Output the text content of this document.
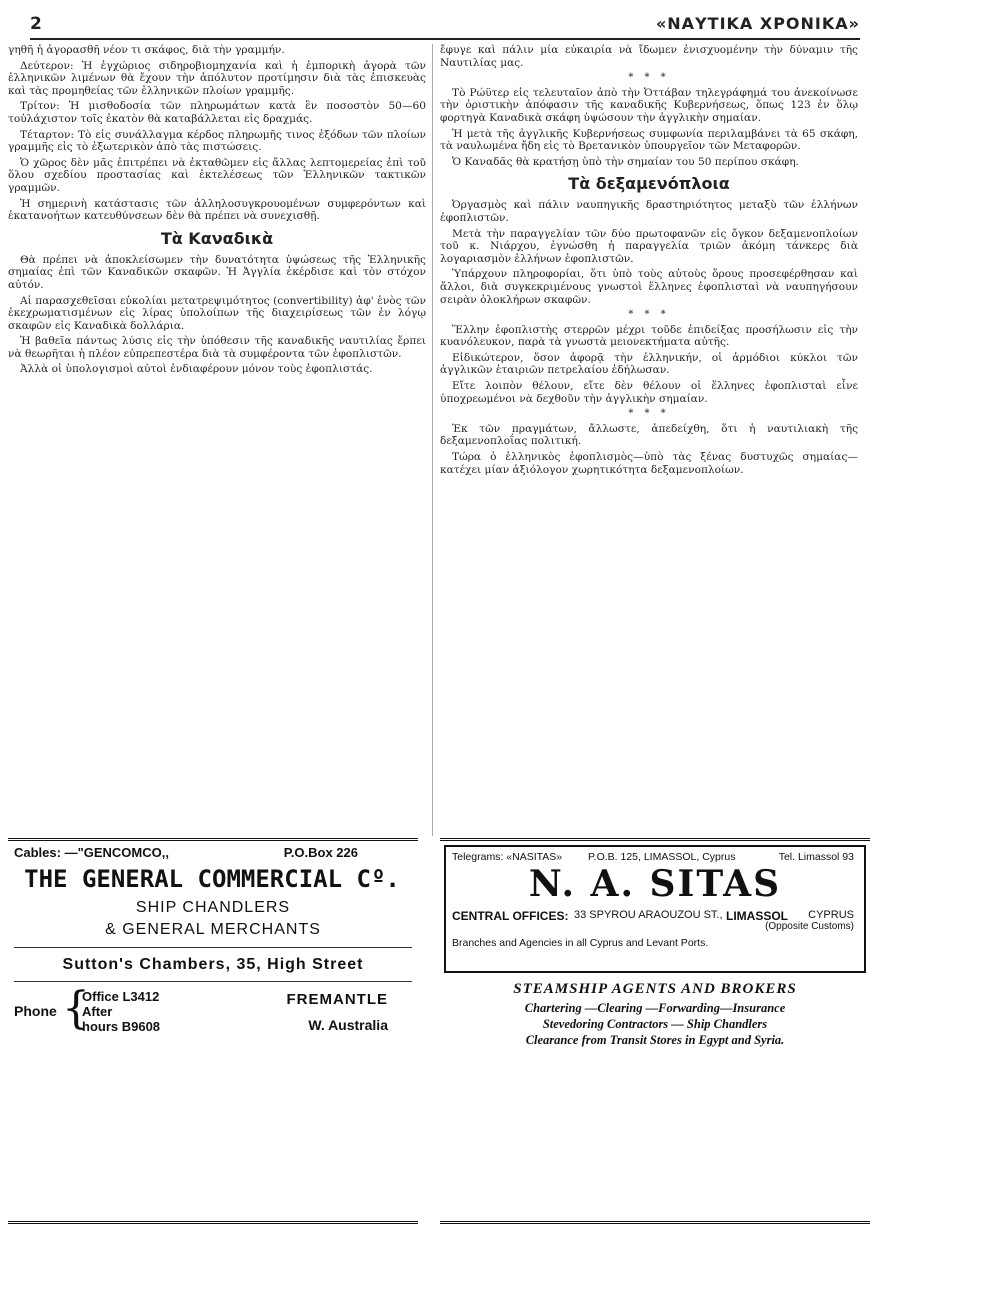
2	«ΝΑΥΤΙΚΑ ΧΡΟΝΙΚΑ»

γηθῆ ἡ ἀγορασθῆ νέον τι σκάφος, διὰ τὴν γραμμήν.

Δεύτερον: Ἡ ἐγχώριος σιδηροβιομηχανία καὶ ἡ ἐμπορικὴ ἀγορὰ τῶν ἑλληνικῶν λιμένων θὰ ἔχουν τὴν ἀπόλυτον προτίμησιν διὰ τὰς ἐπισκευὰς καὶ τὰς προμηθείας τῶν ἑλληνικῶν πλοίων γραμμῆς.

Τρίτον: Ἡ μισθοδοσία τῶν πληρωμάτων κατὰ ἓν ποσοστὸν 50—60 τοὐλάχιστον τοῖς ἑκατὸν θὰ καταβάλλεται εἰς δραχμάς.

Τέταρτον: Τὸ εἰς συνάλλαγμα κέρδος πληρωμῆς τινος ἐξόδων τῶν πλοίων γραμμῆς εἰς τὸ ἐξωτερικὸν ἀπὸ τὰς πιστώσεις.

Ὁ χῶρος δὲν μᾶς ἐπιτρέπει νὰ ἐκταθῶμεν εἰς ἄλλας λεπτομερείας ἐπὶ τοῦ ὅλου σχεδίου προστασίας καὶ ἐκτελέσεως τῶν Ἑλληνικῶν τακτικῶν γραμμῶν.

Ἡ σημερινὴ κατάστασις τῶν ἀλληλοσυγκρουομένων συμφερόντων καὶ ἐκατανοήτων κατευθύνσεων δὲν θὰ πρέπει νὰ συνεχισθῇ.

Τὰ Καναδικὰ

Θὰ πρέπει νὰ ἀποκλείσωμεν τὴν δυνατότητα ὑψώσεως τῆς Ἑλληνικῆς σημαίας ἐπὶ τῶν Καναδικῶν σκαφῶν. Ἡ Ἀγγλία ἐκέρδισε καὶ τὸν στόχον αὐτόν.

Αἱ παρασχεθεῖσαι εὐκολίαι μετατρεψιμότητος (convertibility) ἀφ' ἑνὸς τῶν ἐκεχρωματισμένων εἰς λίρας ὑπολοίπων τῆς διαχειρίσεως τῶν ἐν λόγῳ σκαφῶν εἰς Καναδικὰ δολλάρια.

Ἡ βαθεῖα πάντως λύσις εἰς τὴν ὑπόθεσιν τῆς καναδικῆς ναυτιλίας ἔρπει νὰ θεωρῆται ἡ πλέον εὐπρεπεστέρα διὰ τὰ συμφέροντα τῶν ἐφοπλιστῶν.

Ἀλλὰ οἱ ὑπολογισμοὶ αὐτοὶ ἐνδιαφέρουν μόνον τοὺς ἐφοπλιστάς.

ἔφυγε καὶ πάλιν μία εὐκαιρία νὰ ἴδωμεν ἐνισχυομένην τὴν δύναμιν τῆς Ναυτιλίας μας.

* * *

Τὸ Ρώϋτερ εἰς τελευταῖον ἀπὸ τὴν Ὀττάβαν τηλεγράφημά του ἀνεκοίνωσε τὴν ὁριστικὴν ἀπόφασιν τῆς καναδικῆς Κυβερνήσεως, ὅπως 123 ἐν ὅλῳ φορτηγὰ Καναδικὰ σκάφη ὑψώσουν τὴν ἀγγλικὴν σημαίαν.

Ἡ μετὰ τῆς ἀγγλικῆς Κυβερνήσεως συμφωνία περιλαμβάνει τὰ 65 σκάφη, τὰ ναυλωμένα ἤδη εἰς τὸ Βρετανικὸν ὑπουργεῖον τῶν Μεταφορῶν.

Ὁ Καναδᾶς θὰ κρατήσῃ ὑπὸ τὴν σημαίαν του 50 περίπου σκάφη.

Τὰ δεξαμενόπλοια

Ὀργασμὸς καὶ πάλιν ναυπηγικῆς δραστηριότητος μεταξὺ τῶν ἑλλήνων ἐφοπλιστῶν.

Μετὰ τὴν παραγγελίαν τῶν δύο πρωτοφανῶν εἰς ὄγκον δεξαμενοπλοίων τοῦ κ. Νιάρχου, ἐγνώσθη ἡ παραγγελία τριῶν ἀκόμη τάνκερς διὰ λογαριασμὸν ἑλλήνων ἐφοπλιστῶν.

Ὑπάρχουν πληροφορίαι, ὅτι ὑπὸ τοὺς αὐτοὺς ὅρους προσεφέρθησαν καὶ ἄλλοι, διὰ συγκεκριμένους γνωστοὶ ἕλληνες ἐφοπλισταὶ νὰ ναυπηγήσουν σειρὰν ὁλοκλήρων σκαφῶν.

* * *

Ἕλλην ἐφοπλιστὴς στερρῶν μέχρι τοῦδε ἐπιδείξας προσήλωσιν εἰς τὴν κυανόλευκον, παρὰ τὰ γνωστὰ μειονεκτήματα αὐτῆς.

Εἰδικώτερον, ὅσον ἀφορᾷ τὴν ἑλληνικήν, οἱ ἁρμόδιοι κύκλοι τῶν ἀγγλικῶν ἑταιριῶν πετρελαίου ἐδήλωσαν.

Εἴτε λοιπὸν θέλουν, εἴτε δὲν θέλουν οἱ ἕλληνες ἐφοπλισταὶ εἶνε ὑποχρεωμένοι νὰ δεχθοῦν τὴν ἀγγλικὴν σημαίαν.

* * *

Ἐκ τῶν πραγμάτων, ἄλλωστε, ἀπεδείχθη, ὅτι ἡ ναυτιλιακὴ τῆς δεξαμενοπλοΐας πολιτική.

Τώρα ὁ ἑλληνικὸς ἐφοπλισμὸς—ὑπὸ τὰς ξένας δυστυχῶς σημαίας— κατέχει μίαν ἀξιόλογον χωρητικότητα δεξαμενοπλοίων.

Cables: —"GENCOMCO,,	P.O.Box 226
THE GENERAL COMMERCIAL Cº.
SHIP CHANDLERS
& GENERAL MERCHANTS
Sutton's Chambers, 35, High Street
Phone {
Office L3412
After
hours B9608
FREMANTLE
W. Australia
Telegrams: «NASITAS» P.O.B. 125, LIMASSOL, Cyprus	Tel. Limassol 93
N. A. SITAS
CENTRAL OFFICES: 33 SPYROU ARAOUZOU ST., LIMASSOL CYPRUS
(Opposite Customs)
Branches and Agencies in all Cyprus and Levant Ports.
STEAMSHIP AGENTS AND BROKERS
Chartering —Clearing —Forwarding—Insurance
Stevedoring Contractors — Ship Chandlers
Clearance from Transit Stores in Egypt and Syria.
